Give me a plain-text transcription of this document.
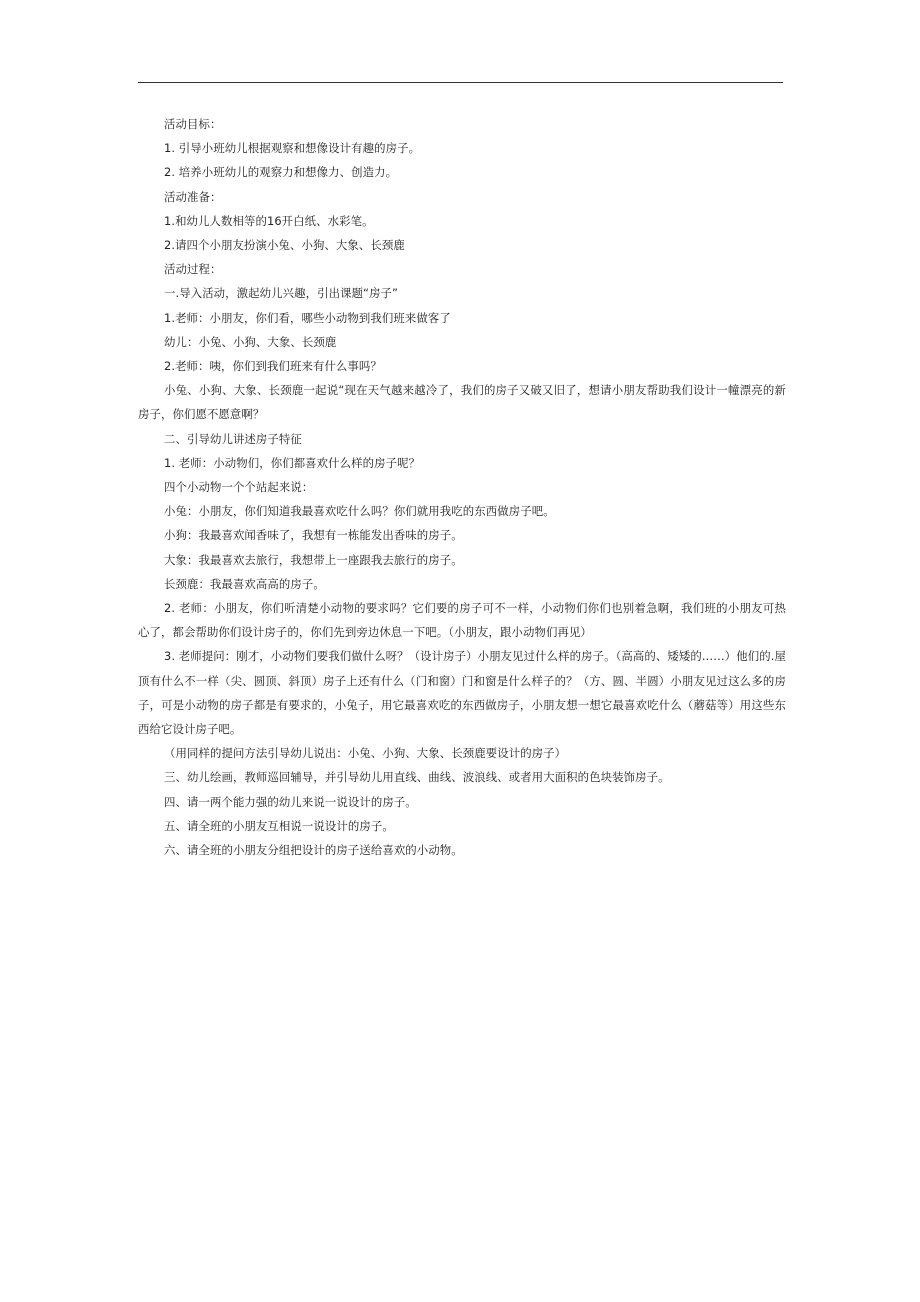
活动目标：

1. 引导小班幼儿根据观察和想像设计有趣的房子。

2. 培养小班幼儿的观察力和想像力、创造力。

活动准备：

1.和幼儿人数相等的16开白纸、水彩笔。

2.请四个小朋友扮演小兔、小狗、大象、长颈鹿

活动过程：

一.导入活动，激起幼儿兴趣，引出课题“房子”

1.老师：小朋友，你们看，哪些小动物到我们班来做客了

幼儿：小兔、小狗、大象、长颈鹿

2.老师：咦，你们到我们班来有什么事吗？

小兔、小狗、大象、长颈鹿一起说“现在天气越来越冷了，我们的房子又破又旧了，想请小朋友帮助我们设计一幢漂亮的新房子，你们愿不愿意啊？

二、引导幼儿讲述房子特征

1. 老师：小动物们，你们都喜欢什么样的房子呢？

四个小动物一个个站起来说：

小兔：小朋友，你们知道我最喜欢吃什么吗？你们就用我吃的东西做房子吧。

小狗：我最喜欢闻香味了，我想有一栋能发出香味的房子。

大象：我最喜欢去旅行，我想带上一座跟我去旅行的房子。

长颈鹿：我最喜欢高高的房子。

2. 老师：小朋友，你们听清楚小动物的要求吗？它们要的房子可不一样，小动物们你们也别着急啊，我们班的小朋友可热心了，都会帮助你们设计房子的，你们先到旁边休息一下吧。（小朋友，跟小动物们再见）

3. 老师提问：刚才，小动物们要我们做什么呀？（设计房子）小朋友见过什么样的房子。（高高的、矮矮的……）他们的.屋顶有什么不一样（尖、圆顶、斜顶）房子上还有什么（门和窗）门和窗是什么样子的？（方、圆、半圆）小朋友见过这么多的房子，可是小动物的房子都是有要求的，小兔子，用它最喜欢吃的东西做房子，小朋友想一想它最喜欢吃什么（蘑菇等）用这些东西给它设计房子吧。

（用同样的提问方法引导幼儿说出：小兔、小狗、大象、长颈鹿要设计的房子）

三、幼儿绘画，教师巡回辅导，并引导幼儿用直线、曲线、波浪线、或者用大面积的色块装饰房子。

四、请一两个能力强的幼儿来说一说设计的房子。

五、请全班的小朋友互相说一说设计的房子。

六、请全班的小朋友分组把设计的房子送给喜欢的小动物。
